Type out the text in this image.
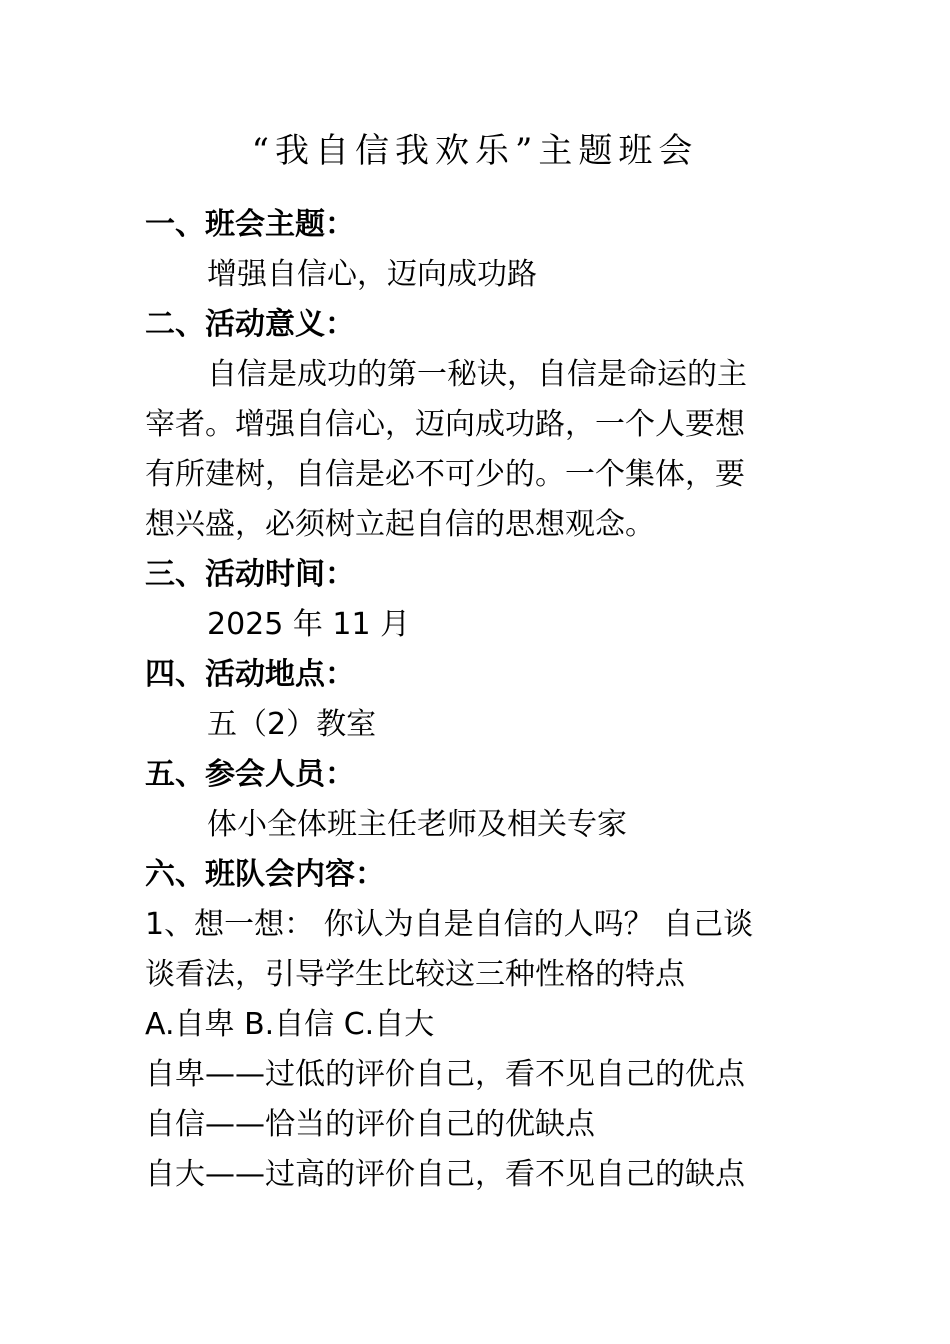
“我自信我欢乐”主题班会
一、班会主题：
增强自信心，迈向成功路
二、活动意义：
自信是成功的第一秘诀，自信是命运的主
宰者。增强自信心，迈向成功路，一个人要想
有所建树，自信是必不可少的。一个集体，要
想兴盛，必须树立起自信的思想观念。
三、活动时间：
2025 年 11 月
四、活动地点：
五（2）教室
五、参会人员：
体小全体班主任老师及相关专家
六、班队会内容：
1、想一想： 你认为自是自信的人吗？ 自己谈
谈看法，引导学生比较这三种性格的特点
A.自卑 B.自信 C.自大
自卑——过低的评价自己，看不见自己的优点
自信——恰当的评价自己的优缺点
自大——过高的评价自己，看不见自己的缺点
